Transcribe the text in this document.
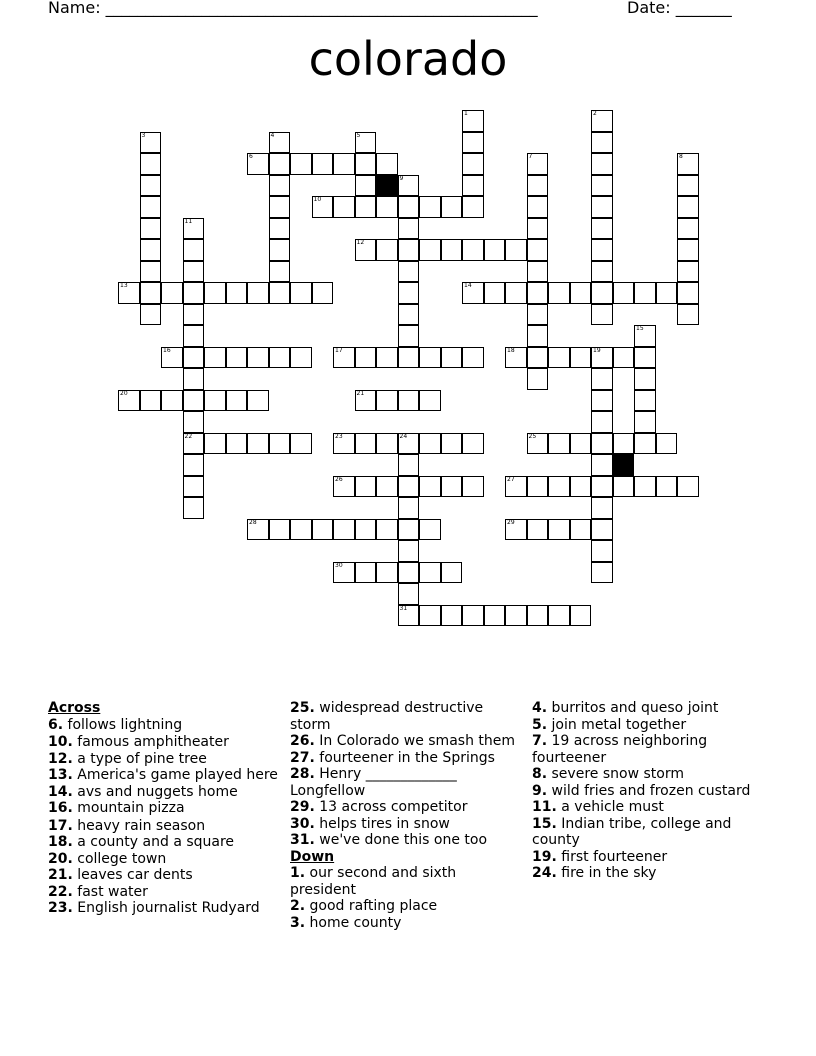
Name: ______________________________________________________	Date: _______
colorado
6
10
12
13	14
16	17	18	19
20	21
22	23	24	25
26	27
28	29
30
31
1	2
3	4	5
7	8
9
11
15
Across
6. follows lightning
10. famous amphitheater
12. a type of pine tree
13. America's game played here
14. avs and nuggets home
16. mountain pizza
17. heavy rain season
18. a county and a square
20. college town
21. leaves car dents
22. fast water
23. English journalist Rudyard
25. widespread destructive storm
26. In Colorado we smash them
27. fourteener in the Springs
28. Henry _____________ Longfellow
29. 13 across competitor
30. helps tires in snow
31. we've done this one too
Down
1. our second and sixth president
2. good rafting place
3. home county
4. burritos and queso joint
5. join metal together
7. 19 across neighboring fourteener
8. severe snow storm
9. wild fries and frozen custard
11. a vehicle must
15. Indian tribe, college and county
19. first fourteener
24. fire in the sky
